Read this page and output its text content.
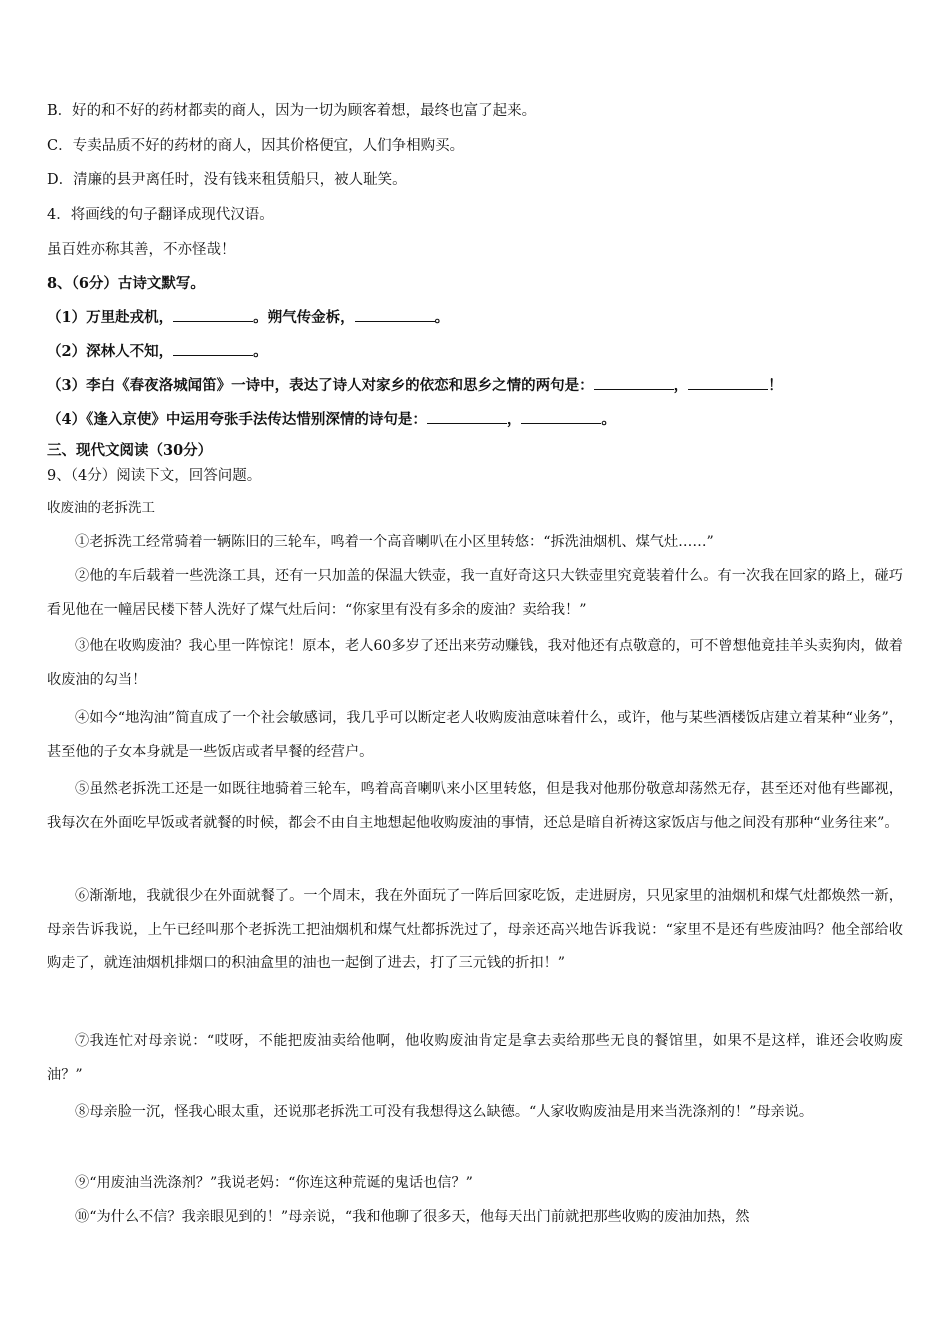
B．好的和不好的药材都卖的商人，因为一切为顾客着想，最终也富了起来。
C．专卖品质不好的药材的商人，因其价格便宜，人们争相购买。
D．清廉的县尹离任时，没有钱来租赁船只，被人耻笑。
4．将画线的句子翻译成现代汉语。
虽百姓亦称其善，不亦怪哉！
8、（6分）古诗文默写。
（1）万里赴戎机，	。朔气传金柝，	。
（2）深林人不知，	。
（3）李白《春夜洛城闻笛》一诗中，表达了诗人对家乡的依恋和思乡之情的两句是：	，	！
（4）《逢入京使》中运用夸张手法传达惜别深情的诗句是：	，	。
三、现代文阅读（30分）
9、（4分）阅读下文，回答问题。
收废油的老拆洗工

①老拆洗工经常骑着一辆陈旧的三轮车，鸣着一个高音喇叭在小区里转悠：“拆洗油烟机、煤气灶……”

②他的车后载着一些洗涤工具，还有一只加盖的保温大铁壶，我一直好奇这只大铁壶里究竟装着什么。有一次我在回家的路上，碰巧看见他在一幢居民楼下替人洗好了煤气灶后问：“你家里有没有多余的废油？卖给我！”

③他在收购废油？我心里一阵惊诧！原本，老人60多岁了还出来劳动赚钱，我对他还有点敬意的，可不曾想他竟挂羊头卖狗肉，做着收废油的勾当！

④如今“地沟油”简直成了一个社会敏感词，我几乎可以断定老人收购废油意味着什么，或许，他与某些酒楼饭店建立着某种“业务”，甚至他的子女本身就是一些饭店或者早餐的经营户。

⑤虽然老拆洗工还是一如既往地骑着三轮车，鸣着高音喇叭来小区里转悠，但是我对他那份敬意却荡然无存，甚至还对他有些鄙视，我每次在外面吃早饭或者就餐的时候，都会不由自主地想起他收购废油的事情，还总是暗自祈祷这家饭店与他之间没有那种“业务往来”。

⑥渐渐地，我就很少在外面就餐了。一个周末，我在外面玩了一阵后回家吃饭，走进厨房，只见家里的油烟机和煤气灶都焕然一新，母亲告诉我说，上午已经叫那个老拆洗工把油烟机和煤气灶都拆洗过了，母亲还高兴地告诉我说：“家里不是还有些废油吗？他全部给收购走了，就连油烟机排烟口的积油盒里的油也一起倒了进去，打了三元钱的折扣！”

⑦我连忙对母亲说：“哎呀，不能把废油卖给他啊，他收购废油肯定是拿去卖给那些无良的餐馆里，如果不是这样，谁还会收购废油？”

⑧母亲脸一沉，怪我心眼太重，还说那老拆洗工可没有我想得这么缺德。“人家收购废油是用来当洗涤剂的！”母亲说。

⑨“用废油当洗涤剂？”我说老妈：“你连这种荒诞的鬼话也信？”

⑩“为什么不信？我亲眼见到的！”母亲说，“我和他聊了很多天，他每天出门前就把那些收购的废油加热，然
